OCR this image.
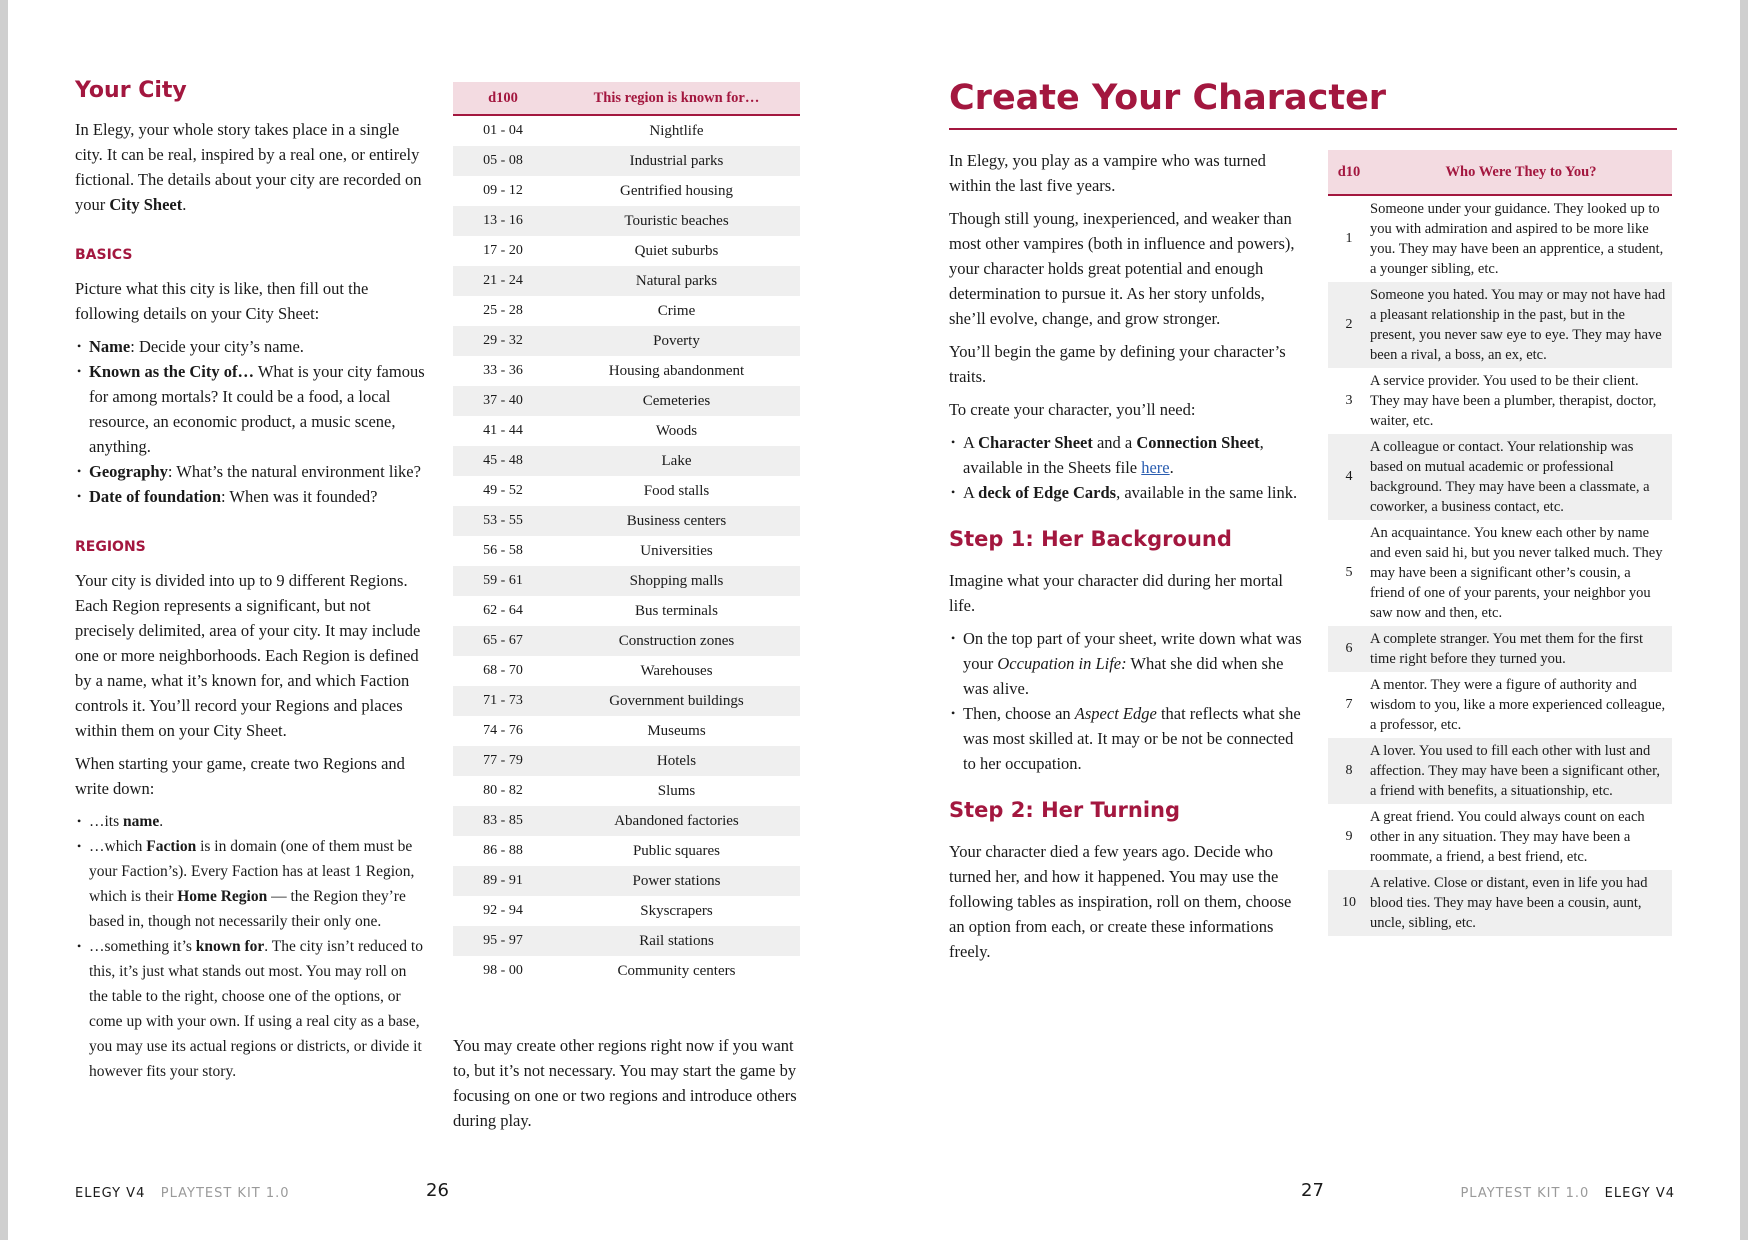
Your City

In Elegy, your whole story takes place in a single city. It can be real, inspired by a real one, or entirely fictional. The details about your city are recorded on your City Sheet.

BASICS

Picture what this city is like, then fill out the following details on your City Sheet:

• Name: Decide your city’s name.
• Known as the City of… What is your city famous for among mortals? It could be a food, a local resource, an economic product, a music scene, anything.
• Geography: What’s the natural environment like?
• Date of foundation: When was it founded?
REGIONS

Your city is divided into up to 9 different Regions. Each Region represents a significant, but not precisely delimited, area of your city. It may include one or more neighborhoods. Each Region is defined by a name, what it’s known for, and which Faction controls it. You’ll record your Regions and places within them on your City Sheet.

When starting your game, create two Regions and write down:

• …its name.
• …which Faction is in domain (one of them must be your Faction’s). Every Faction has at least 1 Region, which is their Home Region — the Region they’re based in, though not necessarily their only one.
• …something it’s known for. The city isn’t reduced to this, it’s just what stands out most. You may roll on the table to the right, choose one of the options, or come up with your own. If using a real city as a base, you may use its actual regions or districts, or divide it however fits your story.
d100	This region is known for…
01 - 04	Nightlife
05 - 08	Industrial parks
09 - 12	Gentrified housing
13 - 16	Touristic beaches
17 - 20	Quiet suburbs
21 - 24	Natural parks
25 - 28	Crime
29 - 32	Poverty
33 - 36	Housing abandonment
37 - 40	Cemeteries
41 - 44	Woods
45 - 48	Lake
49 - 52	Food stalls
53 - 55	Business centers
56 - 58	Universities
59 - 61	Shopping malls
62 - 64	Bus terminals
65 - 67	Construction zones
68 - 70	Warehouses
71 - 73	Government buildings
74 - 76	Museums
77 - 79	Hotels
80 - 82	Slums
83 - 85	Abandoned factories
86 - 88	Public squares
89 - 91	Power stations
92 - 94	Skyscrapers
95 - 97	Rail stations
98 - 00	Community centers
You may create other regions right now if you want to, but it’s not necessary. You may start the game by focusing on one or two regions and introduce others during play.
ELEGY V4 PLAYTEST KIT 1.0	26
Create Your Character

In Elegy, you play as a vampire who was turned within the last five years.

Though still young, inexperienced, and weaker than most other vampires (both in influence and powers), your character holds great potential and enough determination to pursue it. As her story unfolds, she’ll evolve, change, and grow stronger.

You’ll begin the game by defining your character’s traits.

To create your character, you’ll need:

• A Character Sheet and a Connection Sheet, available in the Sheets file here.
• A deck of Edge Cards, available in the same link.
Step 1: Her Background

Imagine what your character did during her mortal life.

• On the top part of your sheet, write down what was your Occupation in Life: What she did when she was alive.
• Then, choose an Aspect Edge that reflects what she was most skilled at. It may or be not be connected to her occupation.
Step 2: Her Turning

Your character died a few years ago. Decide who turned her, and how it happened. You may use the following tables as inspiration, roll on them, choose an option from each, or create these informations freely.

d10	Who Were They to You?
1	Someone under your guidance. They looked up to you with admiration and aspired to be more like you. They may have been an apprentice, a student, a younger sibling, etc.
2	Someone you hated. You may or may not have had a pleasant relationship in the past, but in the present, you never saw eye to eye. They may have been a rival, a boss, an ex, etc.
3	A service provider. You used to be their client. They may have been a plumber, therapist, doctor, waiter, etc.
4	A colleague or contact. Your relationship was based on mutual academic or professional background. They may have been a classmate, a coworker, a business contact, etc.
5	An acquaintance. You knew each other by name and even said hi, but you never talked much. They may have been a significant other’s cousin, a friend of one of your parents, your neighbor you saw now and then, etc.
6	A complete stranger. You met them for the first time right before they turned you.
7	A mentor. They were a figure of authority and wisdom to you, like a more experienced colleague, a professor, etc.
8	A lover. You used to fill each other with lust and affection. They may have been a significant other, a friend with benefits, a situationship, etc.
9	A great friend. You could always count on each other in any situation. They may have been a roommate, a friend, a best friend, etc.
10	A relative. Close or distant, even in life you had blood ties. They may have been a cousin, aunt, uncle, sibling, etc.
27	PLAYTEST KIT 1.0 ELEGY V4
